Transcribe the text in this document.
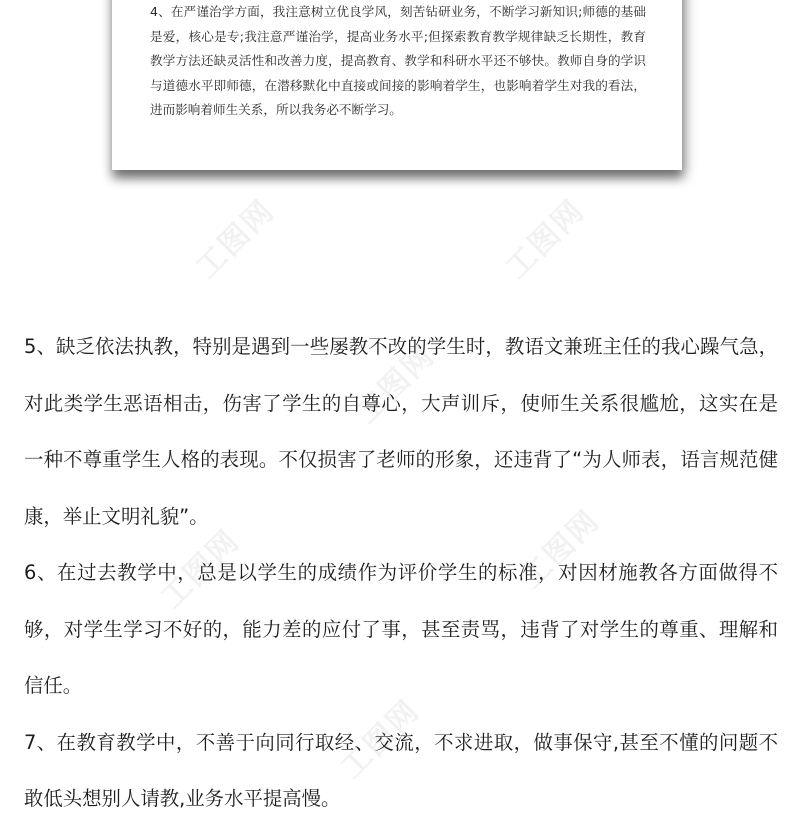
4、在严谨治学方面，我注意树立优良学风，刻苦钻研业务，不断学习新知识;师德的基础是爱，核心是专;我注意严谨治学，提高业务水平;但探索教育教学规律缺乏长期性，教育教学方法还缺灵活性和改善力度，提高教育、教学和科研水平还不够快。教师自身的学识与道德水平即师德，在潜移默化中直接或间接的影响着学生，也影响着学生对我的看法，进而影响着师生关系，所以我务必不断学习。
工图网	工图网
工图网
工图网	工图网
工图网

5、缺乏依法执教，特别是遇到一些屡教不改的学生时，教语文兼班主任的我心躁气急，对此类学生恶语相击，伤害了学生的自尊心，大声训斥，使师生关系很尴尬，这实在是一种不尊重学生人格的表现。不仅损害了老师的形象，还违背了“为人师表，语言规范健康，举止文明礼貌”。

6、在过去教学中，总是以学生的成绩作为评价学生的标准，对因材施教各方面做得不够，对学生学习不好的，能力差的应付了事，甚至责骂，违背了对学生的尊重、理解和信任。

7、在教育教学中，不善于向同行取经、交流，不求进取，做事保守,甚至不懂的问题不敢低头想别人请教,业务水平提高慢。
